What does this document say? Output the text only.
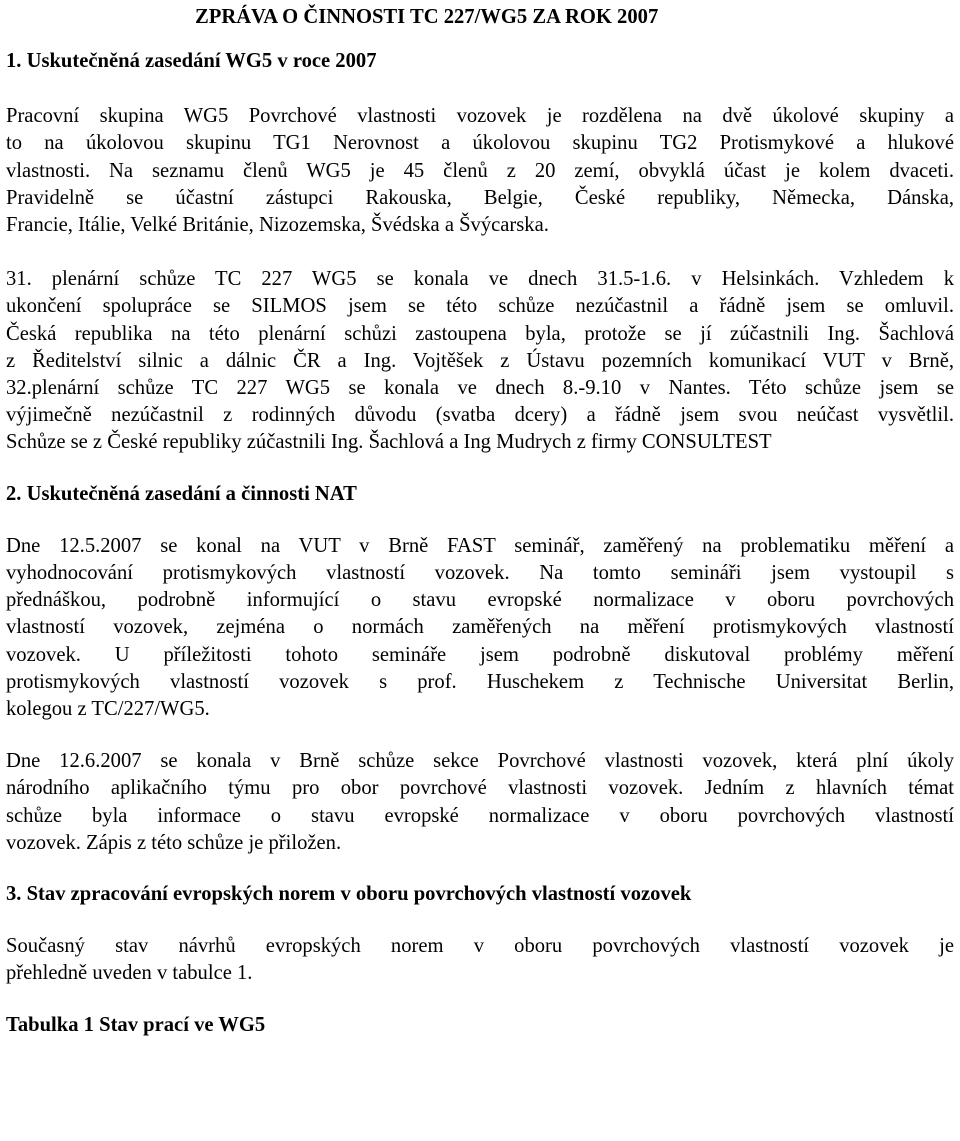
ZPRÁVA O ČINNOSTI TC 227/WG5 ZA ROK 2007
1. Uskutečněná zasedání WG5 v roce 2007
Pracovní skupina WG5 Povrchové vlastnosti vozovek je rozdělena na dvě úkolové skupiny a
to na úkolovou skupinu TG1 Nerovnost a úkolovou skupinu TG2 Protismykové a hlukové
vlastnosti. Na seznamu členů WG5 je 45 členů z 20 zemí, obvyklá účast je kolem dvaceti.
Pravidelně se účastní zástupci Rakouska, Belgie, České republiky, Německa, Dánska,
Francie, Itálie, Velké Británie, Nizozemska, Švédska a Švýcarska.
31. plenární schůze TC 227 WG5 se konala ve dnech 31.5-1.6. v Helsinkách. Vzhledem k
ukončení spolupráce se SILMOS jsem se této schůze nezúčastnil a řádně jsem se omluvil.
Česká republika na této plenární schůzi zastoupena byla, protože se jí zúčastnili Ing. Šachlová
z Ředitelství silnic a dálnic ČR a Ing. Vojtěšek z Ústavu pozemních komunikací VUT v Brně,
32.plenární schůze TC 227 WG5 se konala ve dnech 8.-9.10 v Nantes. Této schůze jsem se
výjimečně nezúčastnil z rodinných důvodu (svatba dcery) a řádně jsem svou neúčast vysvětlil.
Schůze se z České republiky zúčastnili Ing. Šachlová a Ing Mudrych z firmy CONSULTEST
2. Uskutečněná zasedání a činnosti NAT
Dne 12.5.2007 se konal na VUT v Brně FAST seminář, zaměřený na problematiku měření a
vyhodnocování protismykových vlastností vozovek. Na tomto semináři jsem vystoupil s
přednáškou, podrobně informující o stavu evropské normalizace v oboru povrchových
vlastností vozovek, zejména o normách zaměřených na měření protismykových vlastností
vozovek. U příležitosti tohoto semináře jsem podrobně diskutoval problémy měření
protismykových vlastností vozovek s prof. Huschekem z Technische Universitat Berlin,
kolegou z TC/227/WG5.
Dne 12.6.2007 se konala v Brně schůze sekce Povrchové vlastnosti vozovek, která plní úkoly
národního aplikačního týmu pro obor povrchové vlastnosti vozovek. Jedním z hlavních témat
schůze byla informace o stavu evropské normalizace v oboru povrchových vlastností
vozovek. Zápis z této schůze je přiložen.
3. Stav zpracování evropských norem v oboru povrchových vlastností vozovek
Současný stav návrhů evropských norem v oboru povrchových vlastností vozovek je
přehledně uveden v tabulce 1.
Tabulka 1 Stav prací ve WG5
